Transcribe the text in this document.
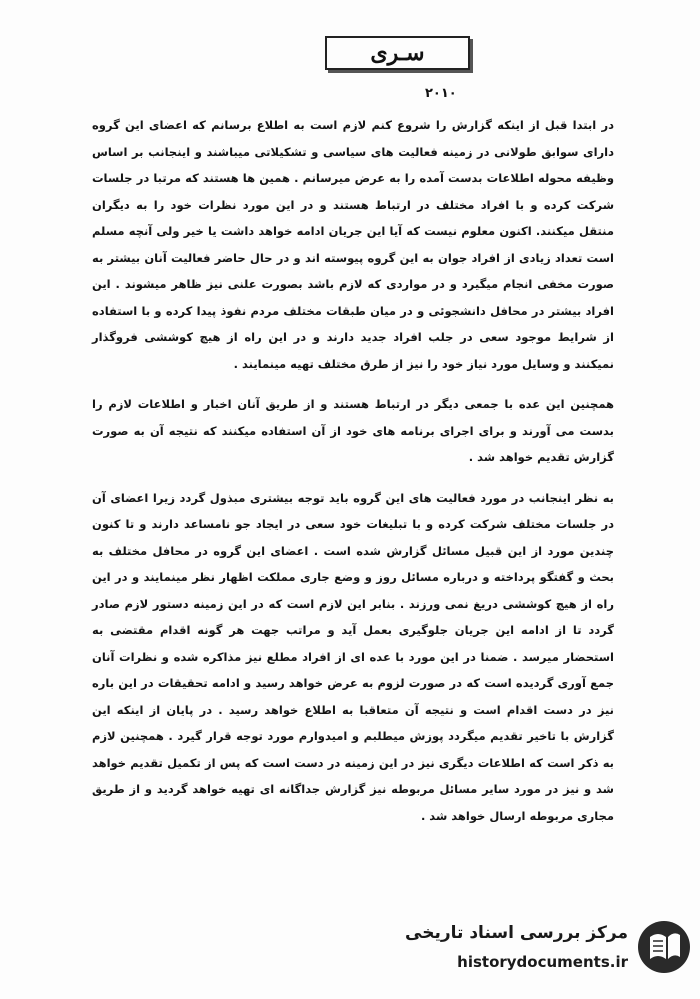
سـری
۲۰۱۰

در ابتدا قبل از اینکه گزارش را شروع کنم لازم است به اطلاع برسانم که اعضای این گروه دارای سوابق طولانی در زمینه فعالیت های سیاسی و تشکیلاتی میباشند و اینجانب بر اساس وظیفه محوله اطلاعات بدست آمده را به عرض میرسانم . همین ها هستند که مرتبا در جلسات شرکت کرده و با افراد مختلف در ارتباط هستند و در این مورد نظرات خود را به دیگران منتقل میکنند. اکنون معلوم نیست که آیا این جریان ادامه خواهد داشت یا خیر ولی آنچه مسلم است تعداد زیادی از افراد جوان به این گروه پیوسته اند و در حال حاضر فعالیت آنان بیشتر به صورت مخفی انجام میگیرد و در مواردی که لازم باشد بصورت علنی نیز ظاهر میشوند . این افراد بیشتر در محافل دانشجوئی و در میان طبقات مختلف مردم نفوذ پیدا کرده و با استفاده از شرایط موجود سعی در جلب افراد جدید دارند و در این راه از هیچ کوششی فروگذار نمیکنند و وسایل مورد نیاز خود را نیز از طرق مختلف تهیه مینمایند .

همچنین این عده با جمعی دیگر در ارتباط هستند و از طریق آنان اخبار و اطلاعات لازم را بدست می آورند و برای اجرای برنامه های خود از آن استفاده میکنند که نتیجه آن به صورت گزارش تقدیم خواهد شد .

به نظر اینجانب در مورد فعالیت های این گروه باید توجه بیشتری مبذول گردد زیرا اعضای آن در جلسات مختلف شرکت کرده و با تبلیغات خود سعی در ایجاد جو نامساعد دارند و تا کنون چندین مورد از این قبیل مسائل گزارش شده است . اعضای این گروه در محافل مختلف به بحث و گفتگو پرداخته و درباره مسائل روز و وضع جاری مملکت اظهار نظر مینمایند و در این راه از هیچ کوششی دریغ نمی ورزند . بنابر این لازم است که در این زمینه دستور لازم صادر گردد تا از ادامه این جریان جلوگیری بعمل آید و مراتب جهت هر گونه اقدام مقتضی به استحضار میرسد . ضمنا در این مورد با عده ای از افراد مطلع نیز مذاکره شده و نظرات آنان جمع آوری گردیده است که در صورت لزوم به عرض خواهد رسید و ادامه تحقیقات در این باره نیز در دست اقدام است و نتیجه آن متعاقبا به اطلاع خواهد رسید . در پایان از اینکه این گزارش با تاخیر تقدیم میگردد پوزش میطلبم و امیدوارم مورد توجه قرار گیرد . همچنین لازم به ذکر است که اطلاعات دیگری نیز در این زمینه در دست است که پس از تکمیل تقدیم خواهد شد و نیز در مورد سایر مسائل مربوطه نیز گزارش جداگانه ای تهیه خواهد گردید و از طریق مجاری مربوطه ارسال خواهد شد .

مرکز بررسی اسناد تاریخی
historydocuments.ir
